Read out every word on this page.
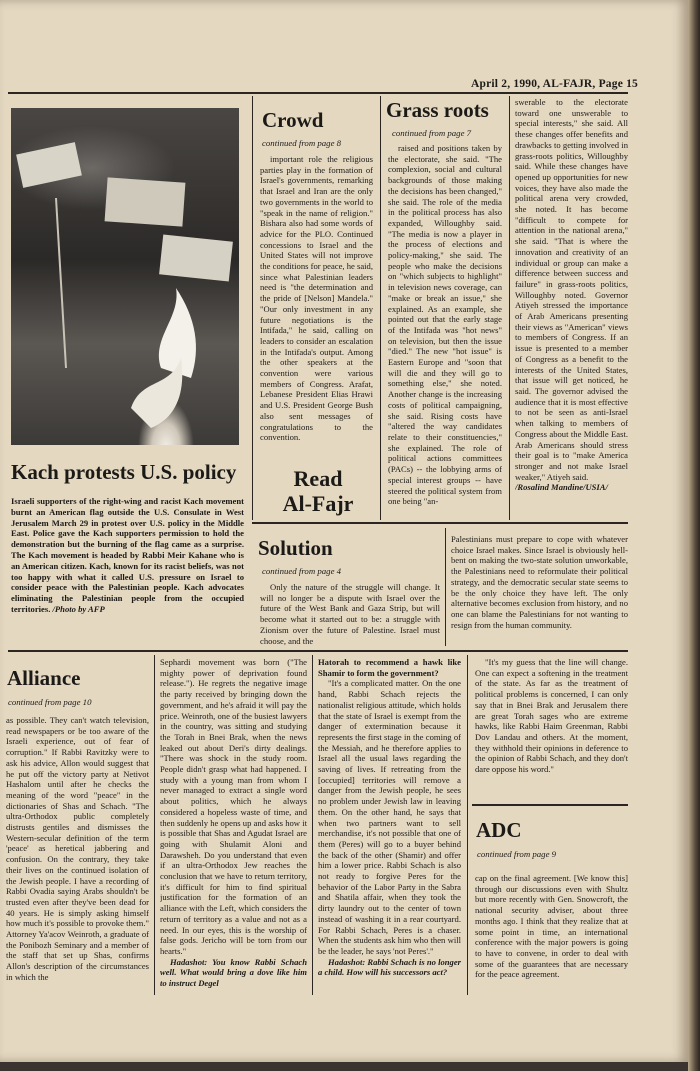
April 2, 1990, AL-FAJR, Page 15
Kach protests U.S. policy
Israeli supporters of the right-wing and racist Kach movement burnt an American flag outside the U.S. Consulate in West Jerusalem March 29 in protest over U.S. policy in the Middle East. Police gave the Kach supporters permission to hold the demonstration but the burning of the flag came as a surprise. The Kach movement is headed by Rabbi Meir Kahane who is an American citizen. Kach, known for its racist beliefs, was not too happy with what it called U.S. pressure on Israel to consider peace with the Palestinian people. Kach advocates eliminating the Palestinian people from the occupied territories. /Photo by AFP
Crowd
continued from page 8

important role the religious parties play in the formation of Israel's governments, remarking that Israel and Iran are the only two governments in the world to "speak in the name of religion." Bishara also had some words of advice for the PLO. Continued concessions to Israel and the United States will not improve the conditions for peace, he said, since what Palestinian leaders need is "the determination and the pride of [Nelson] Mandela." "Our only investment in any future negotiations is the Intifada," he said, calling on leaders to consider an escalation in the Intifada's output. Among the other speakers at the convention were various members of Congress. Arafat, Lebanese President Elias Hrawi and U.S. President George Bush also sent messages of congratulations to the convention.

Read
Al-Fajr
Grass roots
continued from page 7

raised and positions taken by the electorate, she said. "The complexion, social and cultural backgrounds of those making the decisions has been changed," she said. The role of the media in the political process has also expanded, Willoughby said. "The media is now a player in the process of elections and policy-making," she said. The people who make the decisions on "which subjects to highlight" in television news coverage, can "make or break an issue," she explained. As an example, she pointed out that the early stage of the Intifada was "hot news" on television, but then the issue "died." The new "hot issue" is Eastern Europe and "soon that will die and they will go to something else," she noted. Another change is the increasing costs of political campaigning, she said. Rising costs have "altered the way candidates relate to their constituencies," she explained. The role of political actions committees (PACs) -- the lobbying arms of special interest groups -- have steered the political system from one being "an-

swerable to the electorate toward one unswerable to special interests," she said. All these changes offer benefits and drawbacks to getting involved in grass-roots politics, Willoughby said. While these changes have opened up opportunities for new voices, they have also made the political arena very crowded, she noted. It has become "difficult to compete for attention in the national arena," she said. "That is where the innovation and creativity of an individual or group can make a difference between success and failure" in grass-roots politics, Willoughby noted. Governor Atiyeh stressed the importance of Arab Americans presenting their views as "American" views to members of Congress. If an issue is presented to a member of Congress as a benefit to the interests of the United States, that issue will get noticed, he said. The governor advised the audience that it is most effective to not be seen as anti-Israel when talking to members of Congress about the Middle East. Arab Americans should stress their goal is to "make America stronger and not make Israel weaker," Atiyeh said.

/Rosalind Mandine/USIA/

Solution
continued from page 4

Only the nature of the struggle will change. It will no longer be a dispute with Israel over the future of the West Bank and Gaza Strip, but will become what it started out to be: a struggle with Zionism over the future of Palestine. Israel must choose, and the

Palestinians must prepare to cope with whatever choice Israel makes. Since Israel is obviously hell-bent on making the two-state solution unworkable, the Palestinians need to reformulate their political strategy, and the democratic secular state seems to be the only choice they have left. The only alternative becomes exclusion from history, and no one can blame the Palestinians for not wanting to resign from the human community.

Alliance
continued from page 10

as possible. They can't watch television, read newspapers or be too aware of the Israeli experience, out of fear of corruption." If Rabbi Ravitzky were to ask his advice, Allon would suggest that he put off the victory party at Netivot Hashalom until after he checks the meaning of the word "peace" in the dictionaries of Shas and Schach. "The ultra-Orthodox public completely distrusts gentiles and dismisses the Western-secular definition of the term 'peace' as heretical jabbering and confusion. On the contrary, they take their lives on the continued isolation of the Jewish people. I have a recording of Rabbi Ovadia saying Arabs shouldn't be trusted even after they've been dead for 40 years. He is simply asking himself how much it's possible to provoke them." Attorney Ya'acov Weinroth, a graduate of the Ponibozh Seminary and a member of the staff that set up Shas, confirms Allon's description of the circumstances in which the

Sephardi movement was born ("The mighty power of deprivation found release."). He regrets the negative image the party received by bringing down the government, and he's afraid it will pay the price. Weinroth, one of the busiest lawyers in the country, was sitting and studying the Torah in Bnei Brak, when the news leaked out about Deri's dirty dealings. "There was shock in the study room. People didn't grasp what had happened. I study with a young man from whom I never managed to extract a single word about politics, which he always considered a hopeless waste of time, and then suddenly he opens up and asks how it is possible that Shas and Agudat Israel are going with Shulamit Aloni and Darawsheh. Do you understand that even if an ultra-Orthodox Jew reaches the conclusion that we have to return territory, it's difficult for him to find spiritual justification for the formation of an alliance with the Left, which considers the return of territory as a value and not as a need. In our eyes, this is the worship of false gods. Jericho will be torn from our hearts."

Hadashot: You know Rabbi Schach well. What would bring a dove like him to instruct Degel

Hatorah to recommend a hawk like Shamir to form the government?

"It's a complicated matter. On the one hand, Rabbi Schach rejects the nationalist religious attitude, which holds that the state of Israel is exempt from the danger of extermination because it represents the first stage in the coming of the Messiah, and he therefore applies to Israel all the usual laws regarding the saving of lives. If retreating from the [occupied] territories will remove a danger from the Jewish people, he sees no problem under Jewish law in leaving them. On the other hand, he says that when two partners want to sell merchandise, it's not possible that one of them (Peres) will go to a buyer behind the back of the other (Shamir) and offer him a lower price. Rabbi Schach is also not ready to forgive Peres for the behavior of the Labor Party in the Sabra and Shatila affair, when they took the dirty laundry out to the center of town instead of washing it in a rear courtyard. For Rabbi Schach, Peres is a chaser. When the students ask him who then will be the leader, he says 'not Peres'."

Hadashot: Rabbi Schach is no longer a child. How will his successors act?

"It's my guess that the line will change. One can expect a softening in the treatment of the state. As far as the treatment of political problems is concerned, I can only say that in Bnei Brak and Jerusalem there are great Torah sages who are extreme hawks, like Rabbi Haim Greenman, Rabbi Dov Landau and others. At the moment, they withhold their opinions in deference to the opinion of Rabbi Schach, and they don't dare oppose his word."

ADC
continued from page 9

cap on the final agreement. [We know this] through our discussions even with Shultz but more recently with Gen. Snowcroft, the national security adviser, about three months ago. I think that they realize that at some point in time, an international conference with the major powers is going to have to convene, in order to deal with some of the guarantees that are necessary for the peace agreement.
